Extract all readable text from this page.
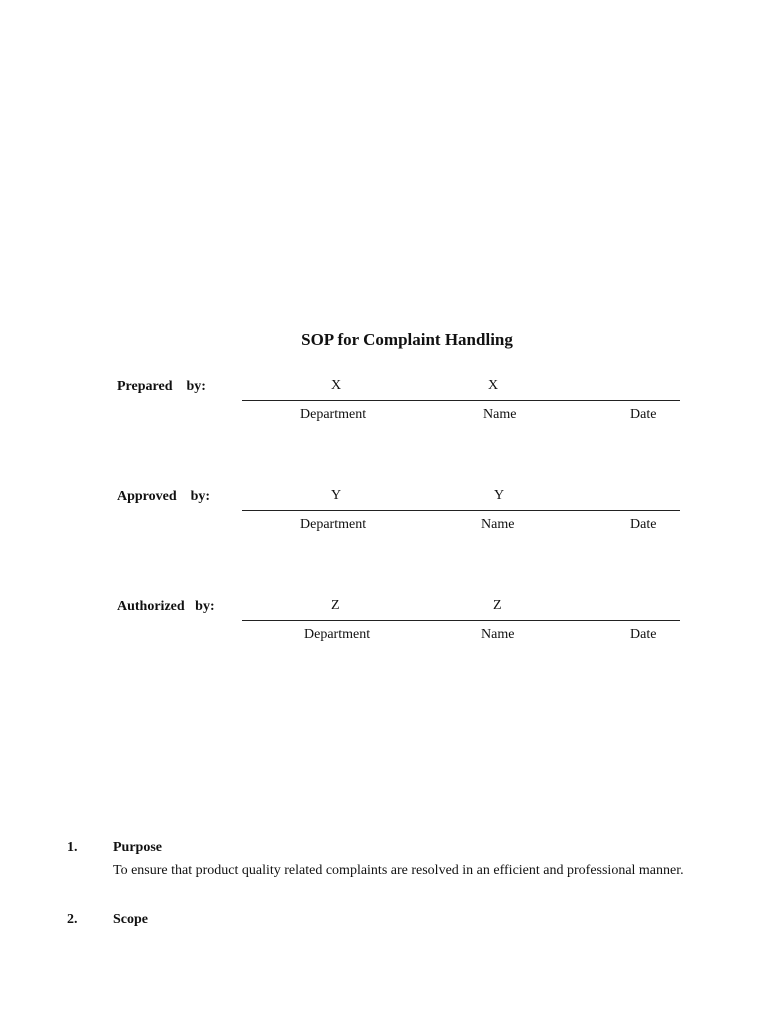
SOP for Complaint Handling
Prepared    by:	X	X
Department	Name	Date
Approved    by:	Y	Y
Department	Name	Date
Authorized   by:	Z	Z
Department	Name	Date
1.	Purpose
To ensure that product quality related complaints are resolved in an efficient and professional manner.
2.	Scope
